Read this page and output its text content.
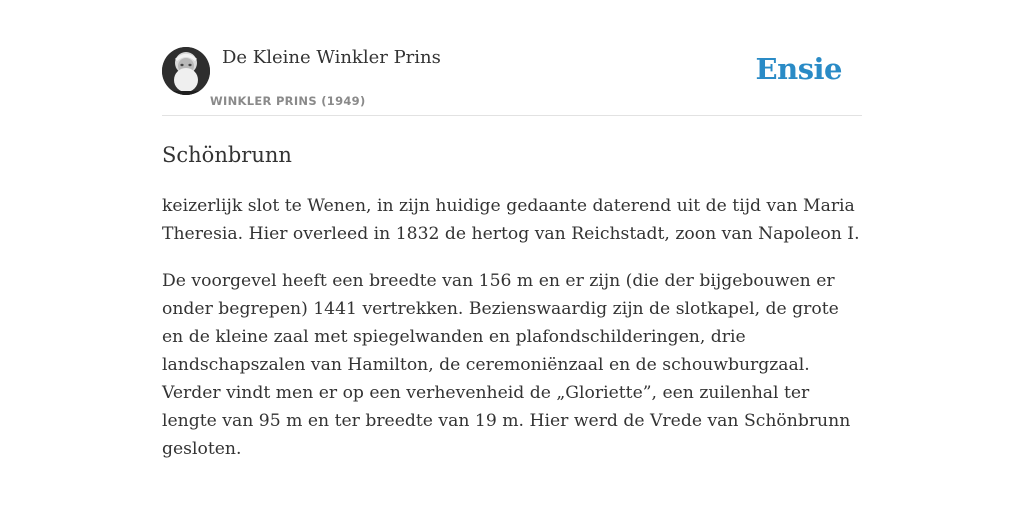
De Kleine Winkler Prins
WINKLER PRINS (1949)
Ensie
Schönbrunn

keizerlijk slot te Wenen, in zijn huidige gedaante daterend uit de tijd van Maria Theresia. Hier overleed in 1832 de hertog van Reichstadt, zoon van Napoleon I.

De voorgevel heeft een breedte van 156 m en er zijn (die der bijgebouwen er onder begrepen) 1441 vertrekken. Bezienswaardig zijn de slotkapel, de grote en de kleine zaal met spiegelwanden en plafondschilderingen, drie landschapszalen van Hamilton, de ceremoniënzaal en de schouwburgzaal. Verder vindt men er op een verhevenheid de „Gloriette”, een zuilenhal ter lengte van 95 m en ter breedte van 19 m. Hier werd de Vrede van Schönbrunn gesloten.
